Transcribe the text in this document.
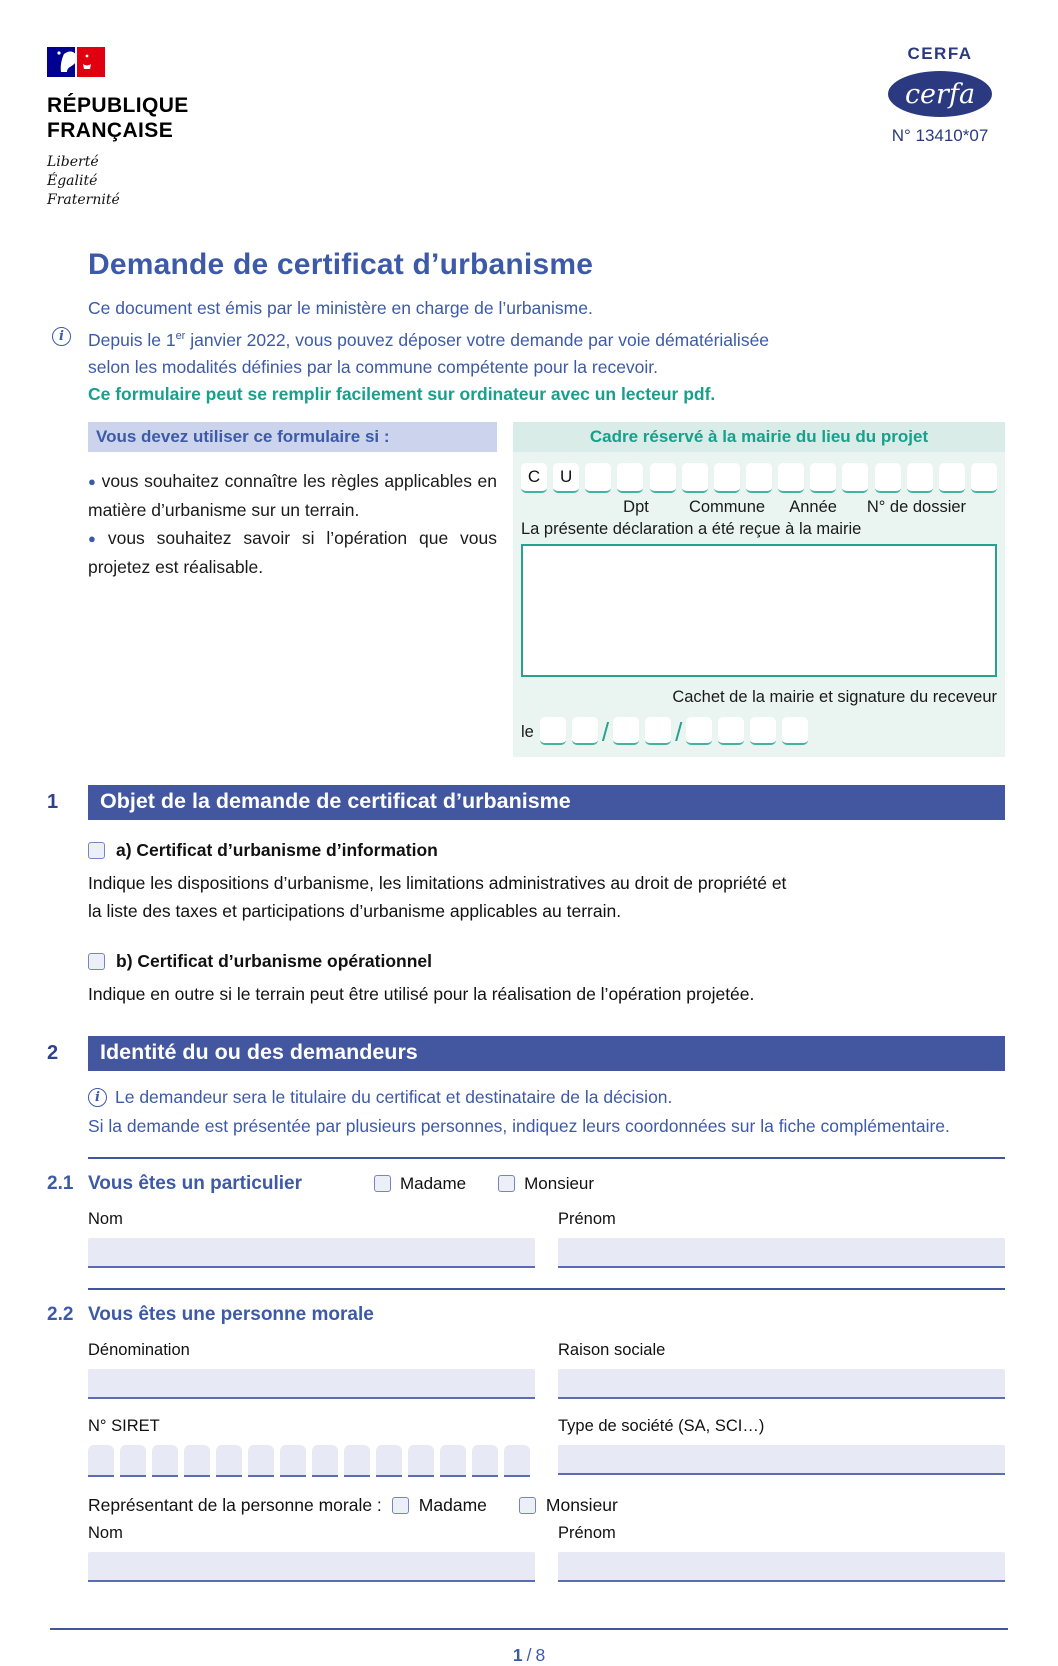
RÉPUBLIQUE
FRANÇAISE
Liberté
Égalité
Fraternité
CERFA
cerfa
N° 13410*07
Demande de certificat d’urbanisme
i
Ce document est émis par le ministère en charge de l’urbanisme.
Depuis le 1er janvier 2022, vous pouvez déposer votre demande par voie dématérialisée
selon les modalités définies par la commune compétente pour la recevoir.
Ce formulaire peut se remplir facilement sur ordinateur avec un lecteur pdf.
Vous devez utiliser ce formulaire si :

● vous souhaitez connaître les règles applicables en matière d’urbanisme sur un terrain.

● vous souhaitez savoir si l’opération que vous projetez est réalisable.

Cadre réservé à la mairie du lieu du projet
C	U
Dpt Commune Année N° de dossier
La présente déclaration a été reçue à la mairie
Cachet de la mairie et signature du receveur
le	/	/
1	Objet de la demande de certificat d’urbanisme
a) Certificat d’urbanisme d’information
Indique les dispositions d’urbanisme, les limitations administratives au droit de propriété et la liste des taxes et participations d’urbanisme applicables au terrain.
b) Certificat d’urbanisme opérationnel
Indique en outre si le terrain peut être utilisé pour la réalisation de l’opération projetée.
2	Identité du ou des demandeurs
i Le demandeur sera le titulaire du certificat et destinataire de la décision.
Si la demande est présentée par plusieurs personnes, indiquez leurs coordonnées sur la fiche complémentaire.
2.1 Vous êtes un particulier	Madame	Monsieur
Nom	Prénom
2.2 Vous êtes une personne morale
Dénomination	Raison sociale
N° SIRET	Type de société (SA, SCI…)
Représentant de la personne morale : Madame	Monsieur
Nom	Prénom
1 / 8
